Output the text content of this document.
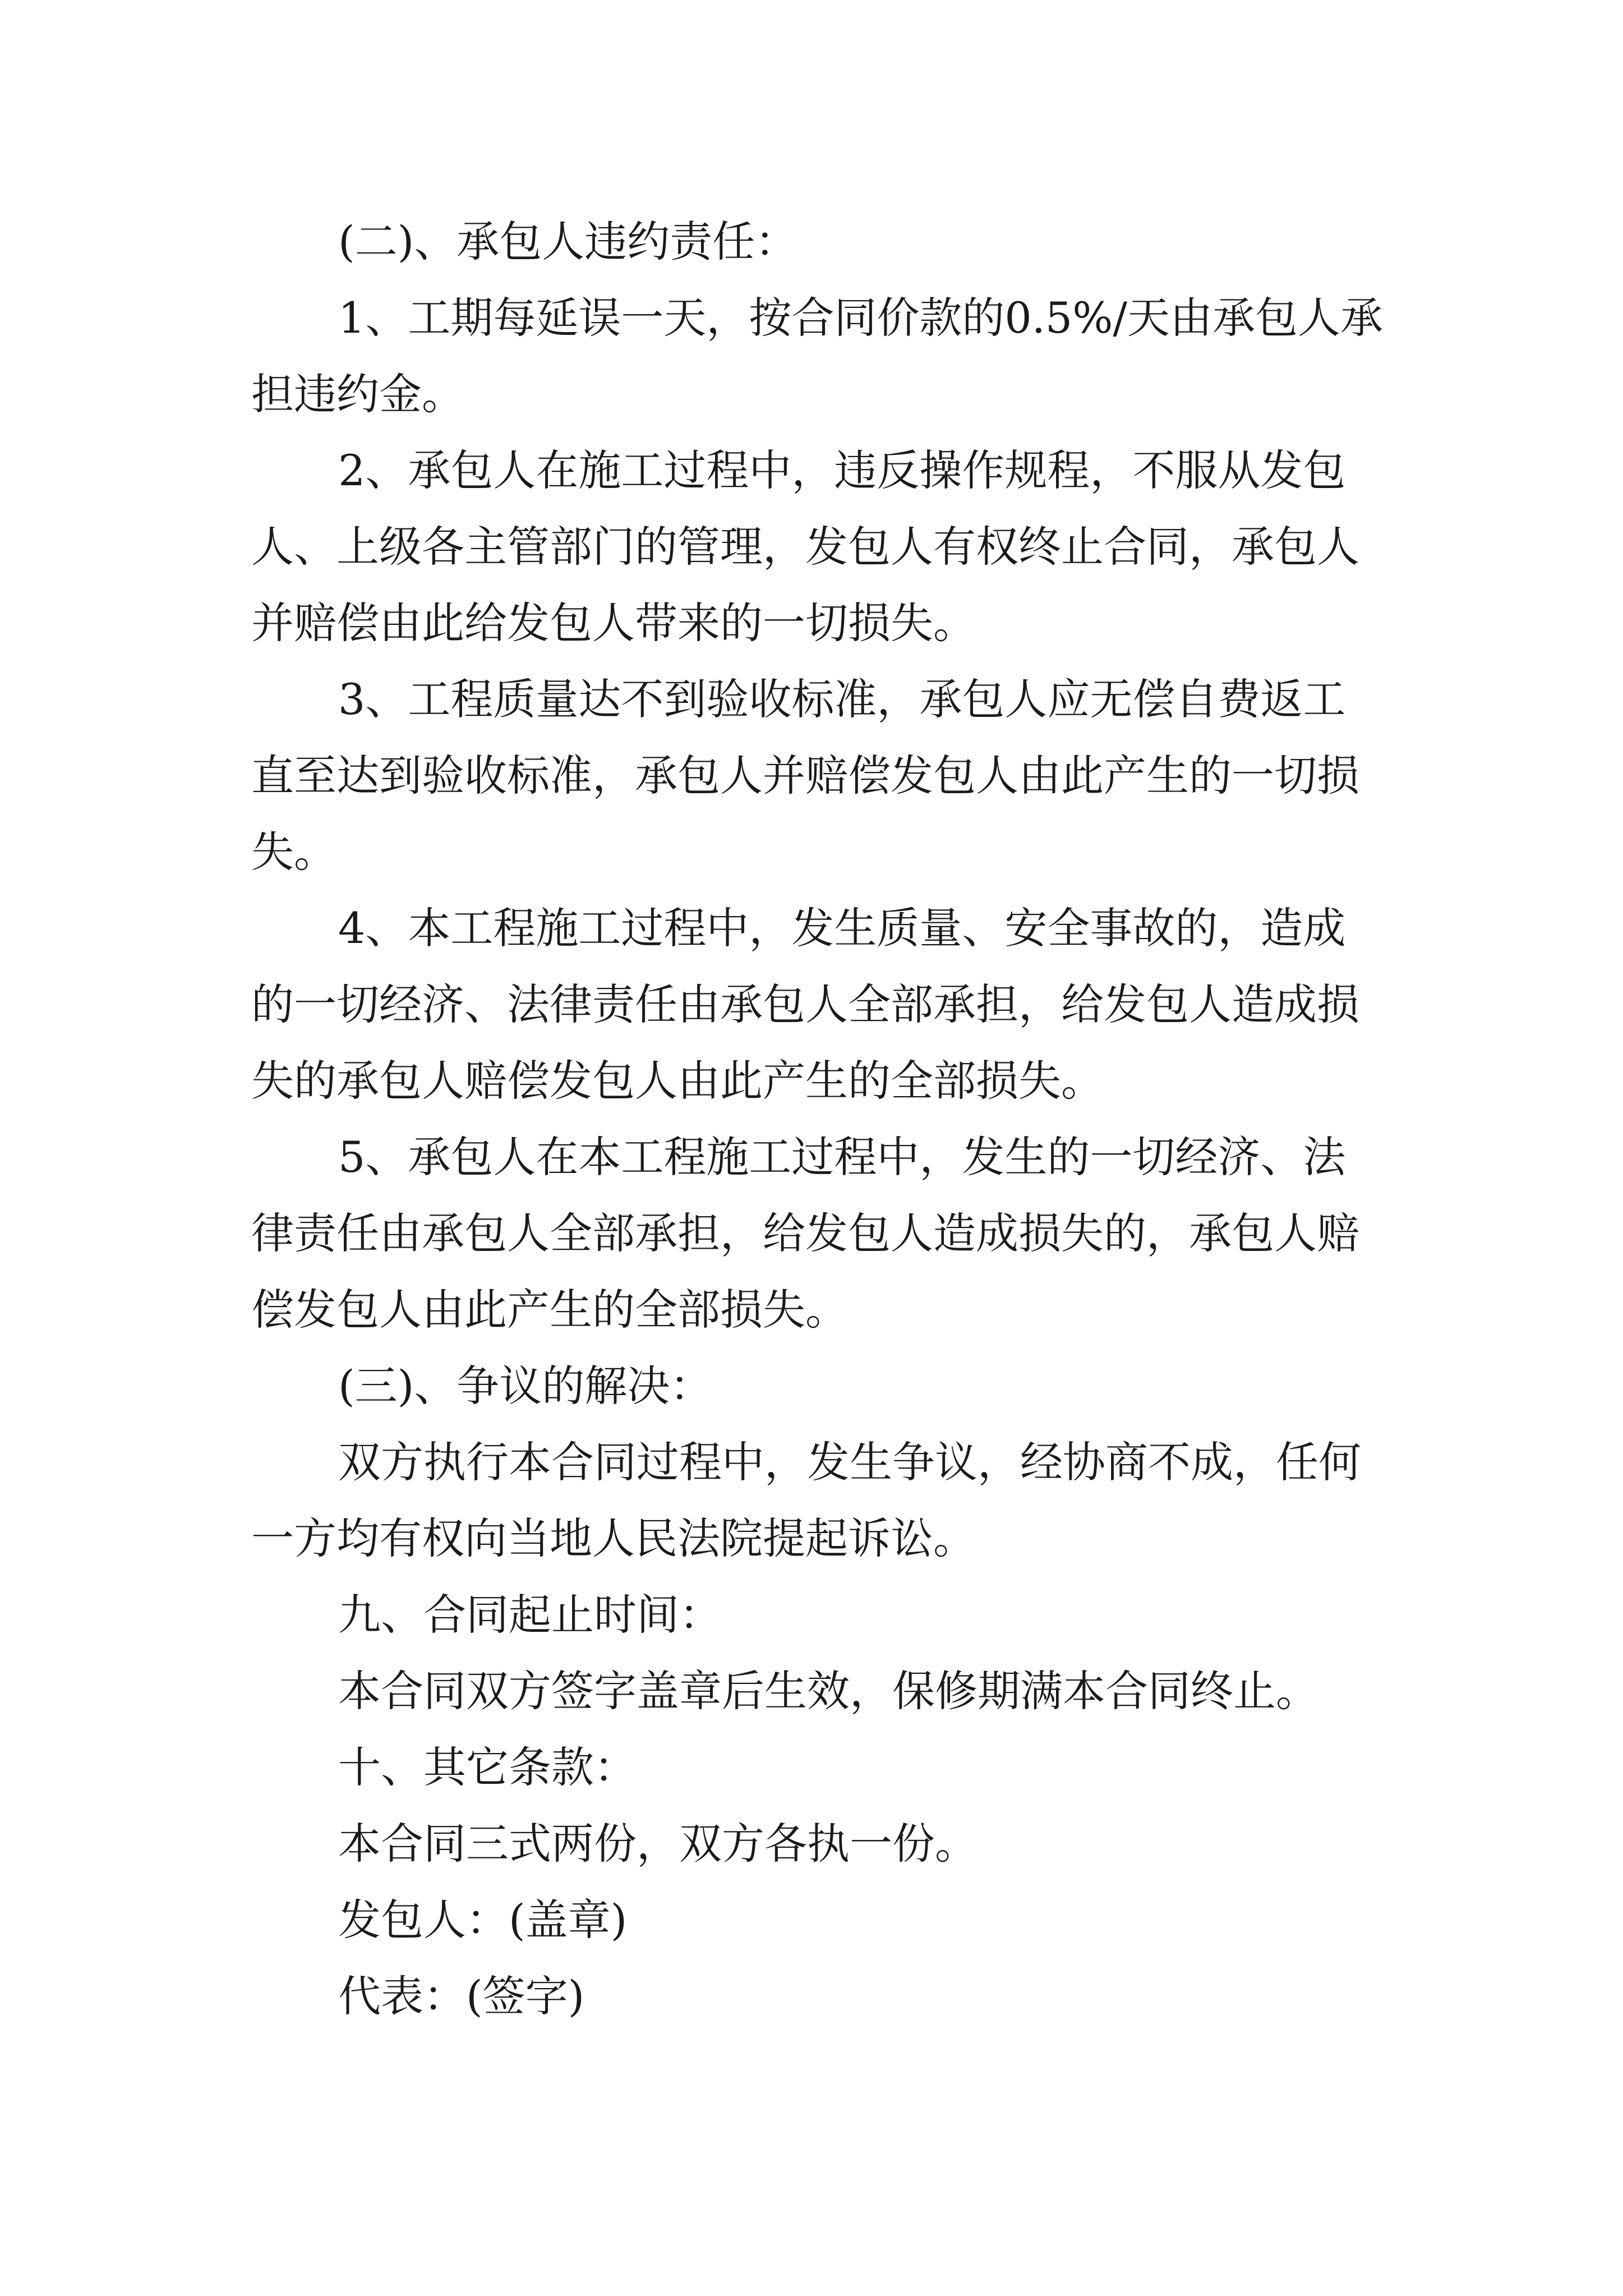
(二)、承包人违约责任：

1、工期每延误一天，按合同价款的0.5%/天由承包人承

担违约金。

2、承包人在施工过程中，违反操作规程，不服从发包

人、上级各主管部门的管理，发包人有权终止合同，承包人

并赔偿由此给发包人带来的一切损失。

3、工程质量达不到验收标准，承包人应无偿自费返工

直至达到验收标准，承包人并赔偿发包人由此产生的一切损

失。

4、本工程施工过程中，发生质量、安全事故的，造成

的一切经济、法律责任由承包人全部承担，给发包人造成损

失的承包人赔偿发包人由此产生的全部损失。

5、承包人在本工程施工过程中，发生的一切经济、法

律责任由承包人全部承担，给发包人造成损失的，承包人赔

偿发包人由此产生的全部损失。

(三)、争议的解决：

双方执行本合同过程中，发生争议，经协商不成，任何

一方均有权向当地人民法院提起诉讼。

九、合同起止时间：

本合同双方签字盖章后生效，保修期满本合同终止。

十、其它条款：

本合同三式两份，双方各执一份。

发包人：(盖章)

代表：(签字)
